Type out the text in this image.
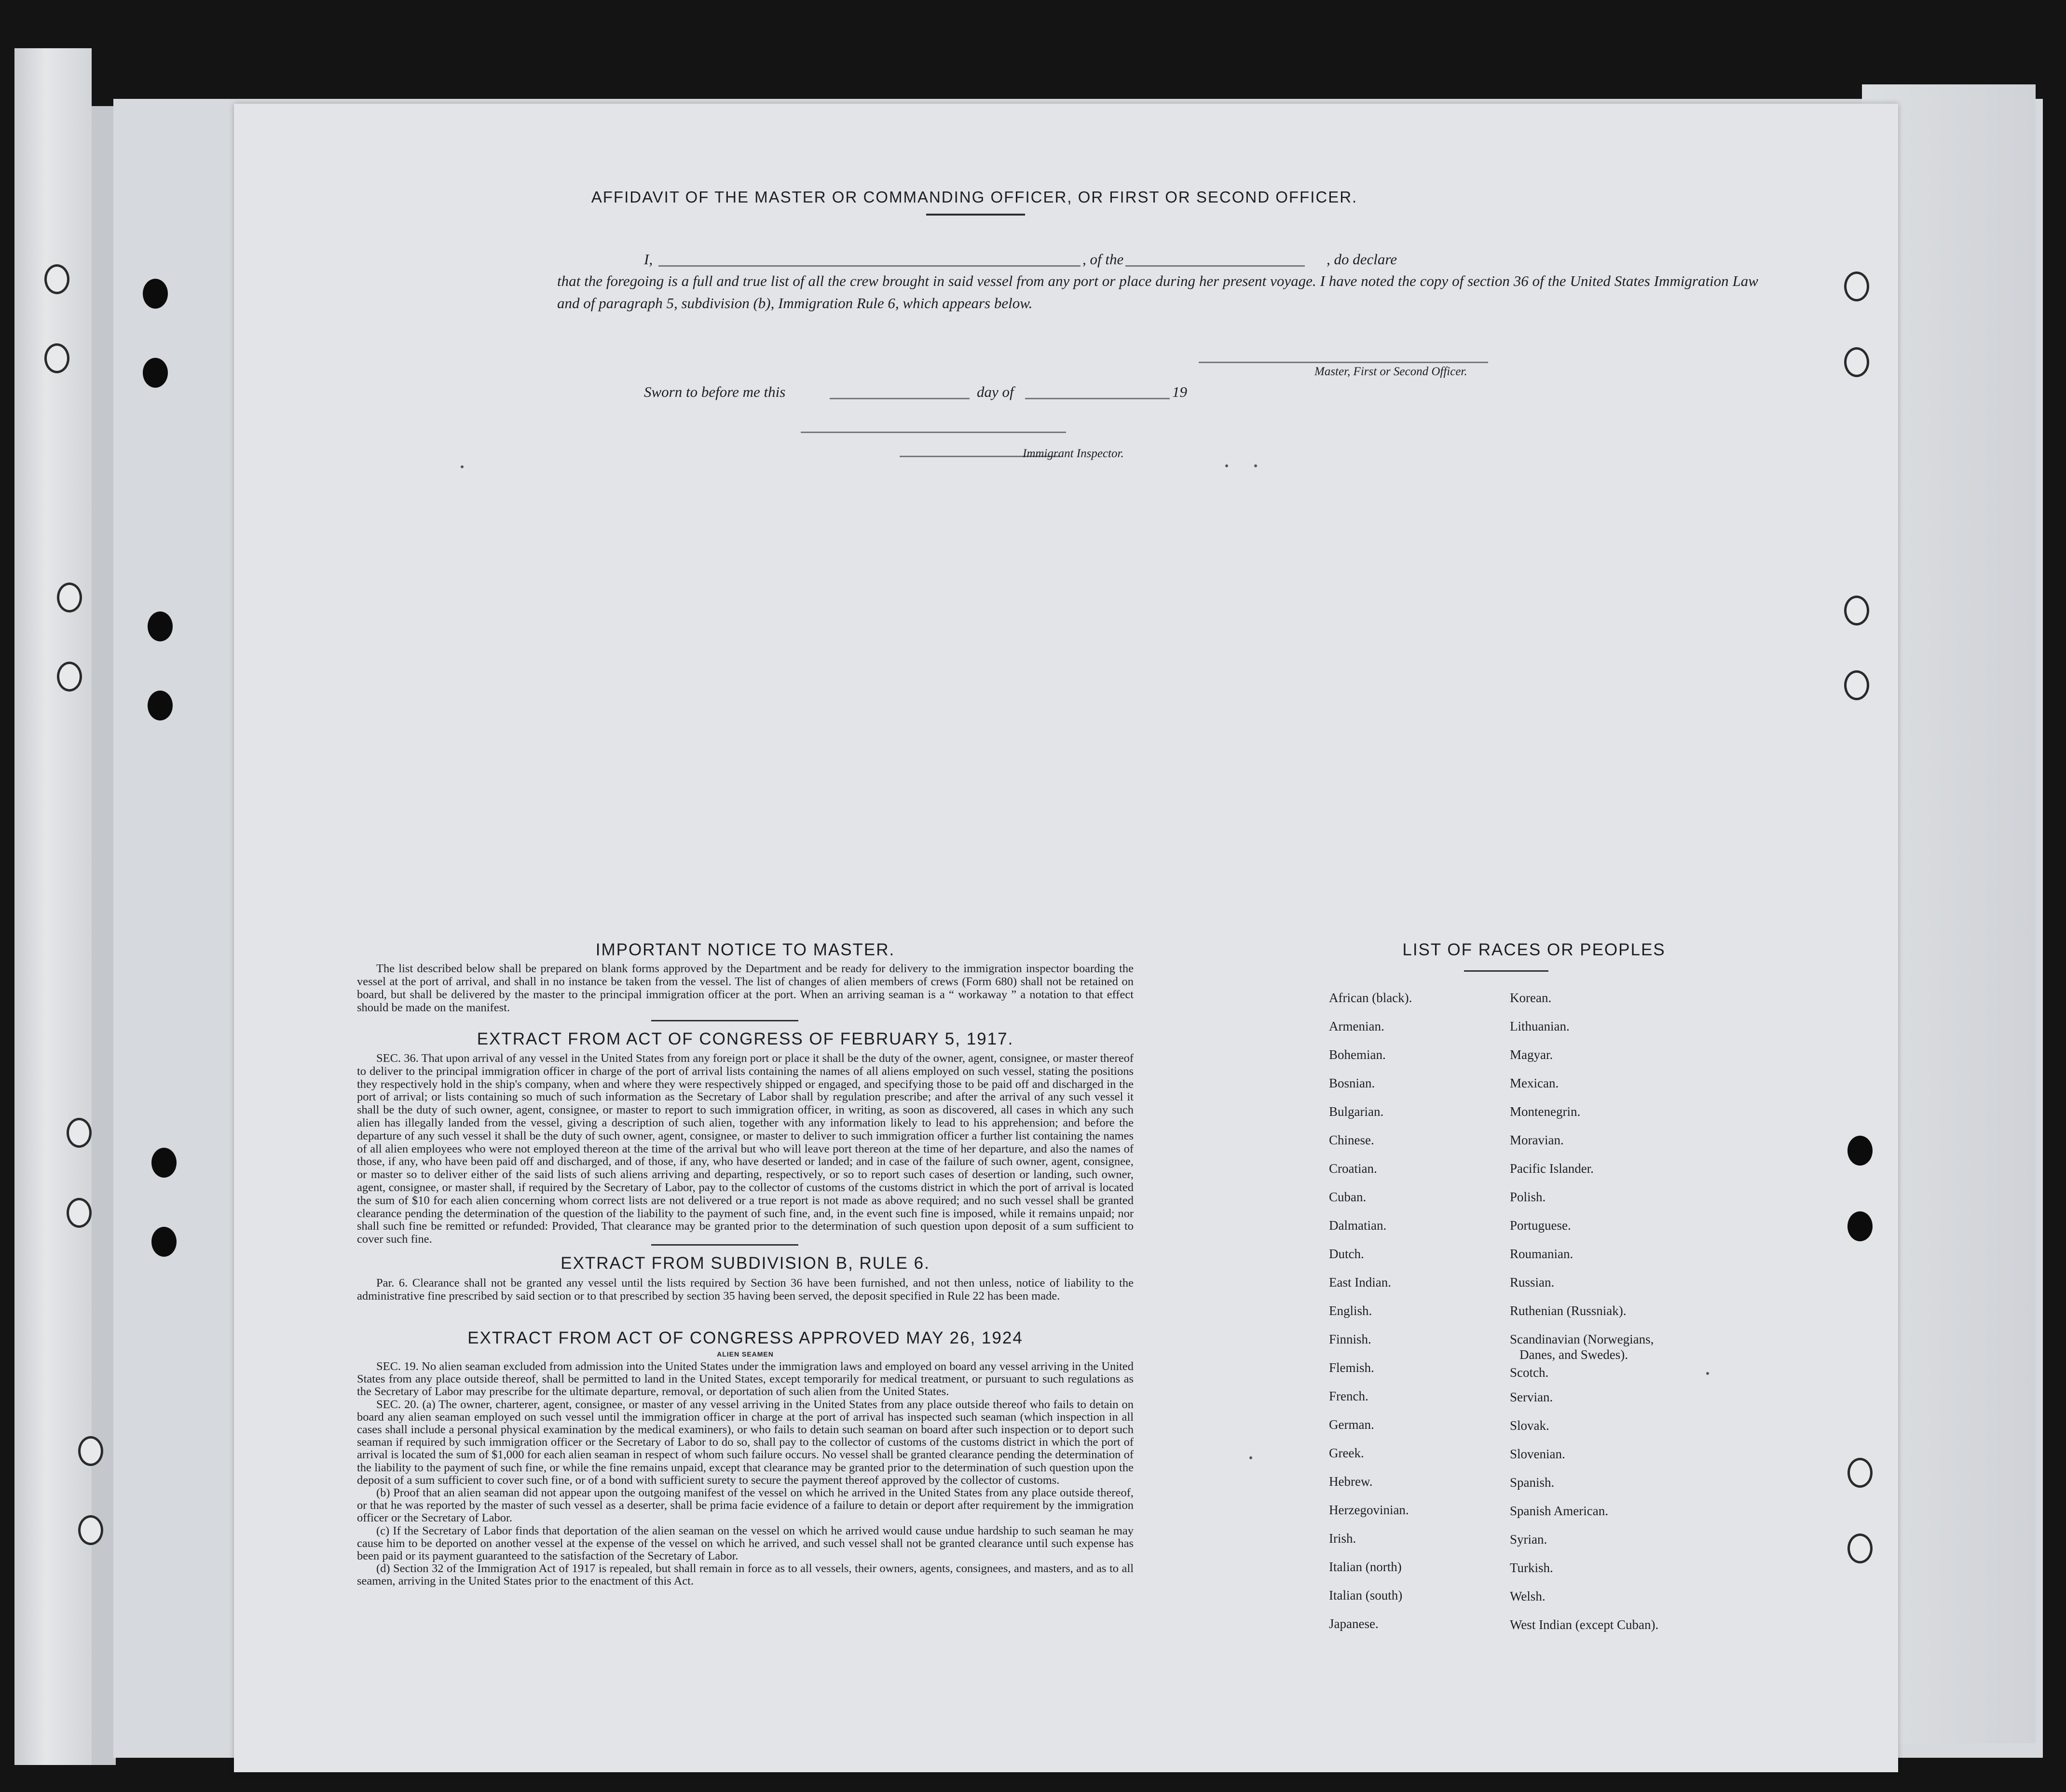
AFFIDAVIT OF THE MASTER OR COMMANDING OFFICER, OR FIRST OR SECOND OFFICER.
I,	, of the	, do declare
that the foregoing is a full and true list of all the crew brought in said vessel from any port or place during her present voyage. I have noted the copy of section 36 of the United States Immigration Law and of paragraph 5, subdivision (b), Immigration Rule 6, which appears below.
Master, First or Second Officer.
Sworn to before me this	day of	19
Immigrant Inspector.
IMPORTANT NOTICE TO MASTER.
The list described below shall be prepared on blank forms approved by the Department and be ready for delivery to the immigration inspector boarding the vessel at the port of arrival, and shall in no instance be taken from the vessel. The list of changes of alien members of crews (Form 680) shall not be retained on board, but shall be delivered by the master to the principal immigration officer at the port. When an arriving seaman is a “ workaway ” a notation to that effect should be made on the manifest.
EXTRACT FROM ACT OF CONGRESS OF FEBRUARY 5, 1917.
SEC. 36. That upon arrival of any vessel in the United States from any foreign port or place it shall be the duty of the owner, agent, consignee, or master thereof to deliver to the principal immigration officer in charge of the port of arrival lists containing the names of all aliens employed on such vessel, stating the positions they respectively hold in the ship's company, when and where they were respectively shipped or engaged, and specifying those to be paid off and discharged in the port of arrival; or lists containing so much of such information as the Secretary of Labor shall by regulation prescribe; and after the arrival of any such vessel it shall be the duty of such owner, agent, consignee, or master to report to such immigration officer, in writing, as soon as discovered, all cases in which any such alien has illegally landed from the vessel, giving a description of such alien, together with any information likely to lead to his apprehension; and before the departure of any such vessel it shall be the duty of such owner, agent, consignee, or master to deliver to such immigration officer a further list containing the names of all alien employees who were not employed thereon at the time of the arrival but who will leave port thereon at the time of her departure, and also the names of those, if any, who have been paid off and discharged, and of those, if any, who have deserted or landed; and in case of the failure of such owner, agent, consignee, or master so to deliver either of the said lists of such aliens arriving and departing, respectively, or so to report such cases of desertion or landing, such owner, agent, consignee, or master shall, if required by the Secretary of Labor, pay to the collector of customs of the customs district in which the port of arrival is located the sum of $10 for each alien concerning whom correct lists are not delivered or a true report is not made as above required; and no such vessel shall be granted clearance pending the determination of the question of the liability to the payment of such fine, and, in the event such fine is imposed, while it remains unpaid; nor shall such fine be remitted or refunded: Provided, That clearance may be granted prior to the determination of such question upon deposit of a sum sufficient to cover such fine.
EXTRACT FROM SUBDIVISION B, RULE 6.
Par. 6. Clearance shall not be granted any vessel until the lists required by Section 36 have been furnished, and not then unless, notice of liability to the administrative fine prescribed by said section or to that prescribed by section 35 having been served, the deposit specified in Rule 22 has been made.
EXTRACT FROM ACT OF CONGRESS APPROVED MAY 26, 1924
ALIEN SEAMEN

SEC. 19. No alien seaman excluded from admission into the United States under the immigration laws and employed on board any vessel arriving in the United States from any place outside thereof, shall be permitted to land in the United States, except temporarily for medical treatment, or pursuant to such regulations as the Secretary of Labor may prescribe for the ultimate departure, removal, or deportation of such alien from the United States.

SEC. 20. (a) The owner, charterer, agent, consignee, or master of any vessel arriving in the United States from any place outside thereof who fails to detain on board any alien seaman employed on such vessel until the immigration officer in charge at the port of arrival has inspected such seaman (which inspection in all cases shall include a personal physical examination by the medical examiners), or who fails to detain such seaman on board after such inspection or to deport such seaman if required by such immigration officer or the Secretary of Labor to do so, shall pay to the collector of customs of the customs district in which the port of arrival is located the sum of $1,000 for each alien seaman in respect of whom such failure occurs. No vessel shall be granted clearance pending the determination of the liability to the payment of such fine, or while the fine remains unpaid, except that clearance may be granted prior to the determination of such question upon the deposit of a sum sufficient to cover such fine, or of a bond with sufficient surety to secure the payment thereof approved by the collector of customs.

(b) Proof that an alien seaman did not appear upon the outgoing manifest of the vessel on which he arrived in the United States from any place outside thereof, or that he was reported by the master of such vessel as a deserter, shall be prima facie evidence of a failure to detain or deport after requirement by the immigration officer or the Secretary of Labor.

(c) If the Secretary of Labor finds that deportation of the alien seaman on the vessel on which he arrived would cause undue hardship to such seaman he may cause him to be deported on another vessel at the expense of the vessel on which he arrived, and such vessel shall not be granted clearance until such expense has been paid or its payment guaranteed to the satisfaction of the Secretary of Labor.

(d) Section 32 of the Immigration Act of 1917 is repealed, but shall remain in force as to all vessels, their owners, agents, consignees, and masters, and as to all seamen, arriving in the United States prior to the enactment of this Act.

LIST OF RACES OR PEOPLES
African (black).
Armenian.
Bohemian.
Bosnian.
Bulgarian.
Chinese.
Croatian.
Cuban.
Dalmatian.
Dutch.
East Indian.
English.
Finnish.
Flemish.
French.
German.
Greek.
Hebrew.
Herzegovinian.
Irish.
Italian (north)
Italian (south)
Japanese.
Korean.
Lithuanian.
Magyar.
Mexican.
Montenegrin.
Moravian.
Pacific Islander.
Polish.
Portuguese.
Roumanian.
Russian.
Ruthenian (Russniak).
Scandinavian (Norwegians,
Danes, and Swedes).
Scotch.
Servian.
Slovak.
Slovenian.
Spanish.
Spanish American.
Syrian.
Turkish.
Welsh.
West Indian (except Cuban).
